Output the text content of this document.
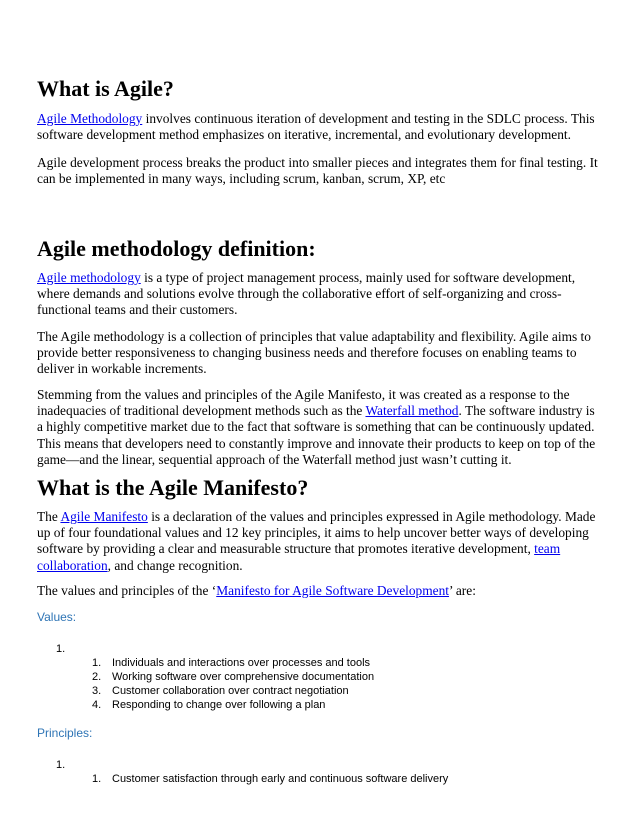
What is Agile?

Agile Methodology involves continuous iteration of development and testing in the SDLC process. This software development method emphasizes on iterative, incremental, and evolutionary development.

Agile development process breaks the product into smaller pieces and integrates them for final testing. It can be implemented in many ways, including scrum, kanban, scrum, XP, etc

Agile methodology definition:

Agile methodology is a type of project management process, mainly used for software development, where demands and solutions evolve through the collaborative effort of self-organizing and cross-functional teams and their customers.

The Agile methodology is a collection of principles that value adaptability and flexibility. Agile aims to provide better responsiveness to changing business needs and therefore focuses on enabling teams to deliver in workable increments.

Stemming from the values and principles of the Agile Manifesto, it was created as a response to the inadequacies of traditional development methods such as the Waterfall method. The software industry is a highly competitive market due to the fact that software is something that can be continuously updated. This means that developers need to constantly improve and innovate their products to keep on top of the game—and the linear, sequential approach of the Waterfall method just wasn’t cutting it.

What is the Agile Manifesto?

The Agile Manifesto is a declaration of the values and principles expressed in Agile methodology. Made up of four foundational values and 12 key principles, it aims to help uncover better ways of developing software by providing a clear and measurable structure that promotes iterative development, team collaboration, and change recognition.

The values and principles of the ‘Manifesto for Agile Software Development’ are:

Values:
1.
1. Individuals and interactions over processes and tools
2. Working software over comprehensive documentation
3. Customer collaboration over contract negotiation
4. Responding to change over following a plan
Principles:
1.
1. Customer satisfaction through early and continuous software delivery
